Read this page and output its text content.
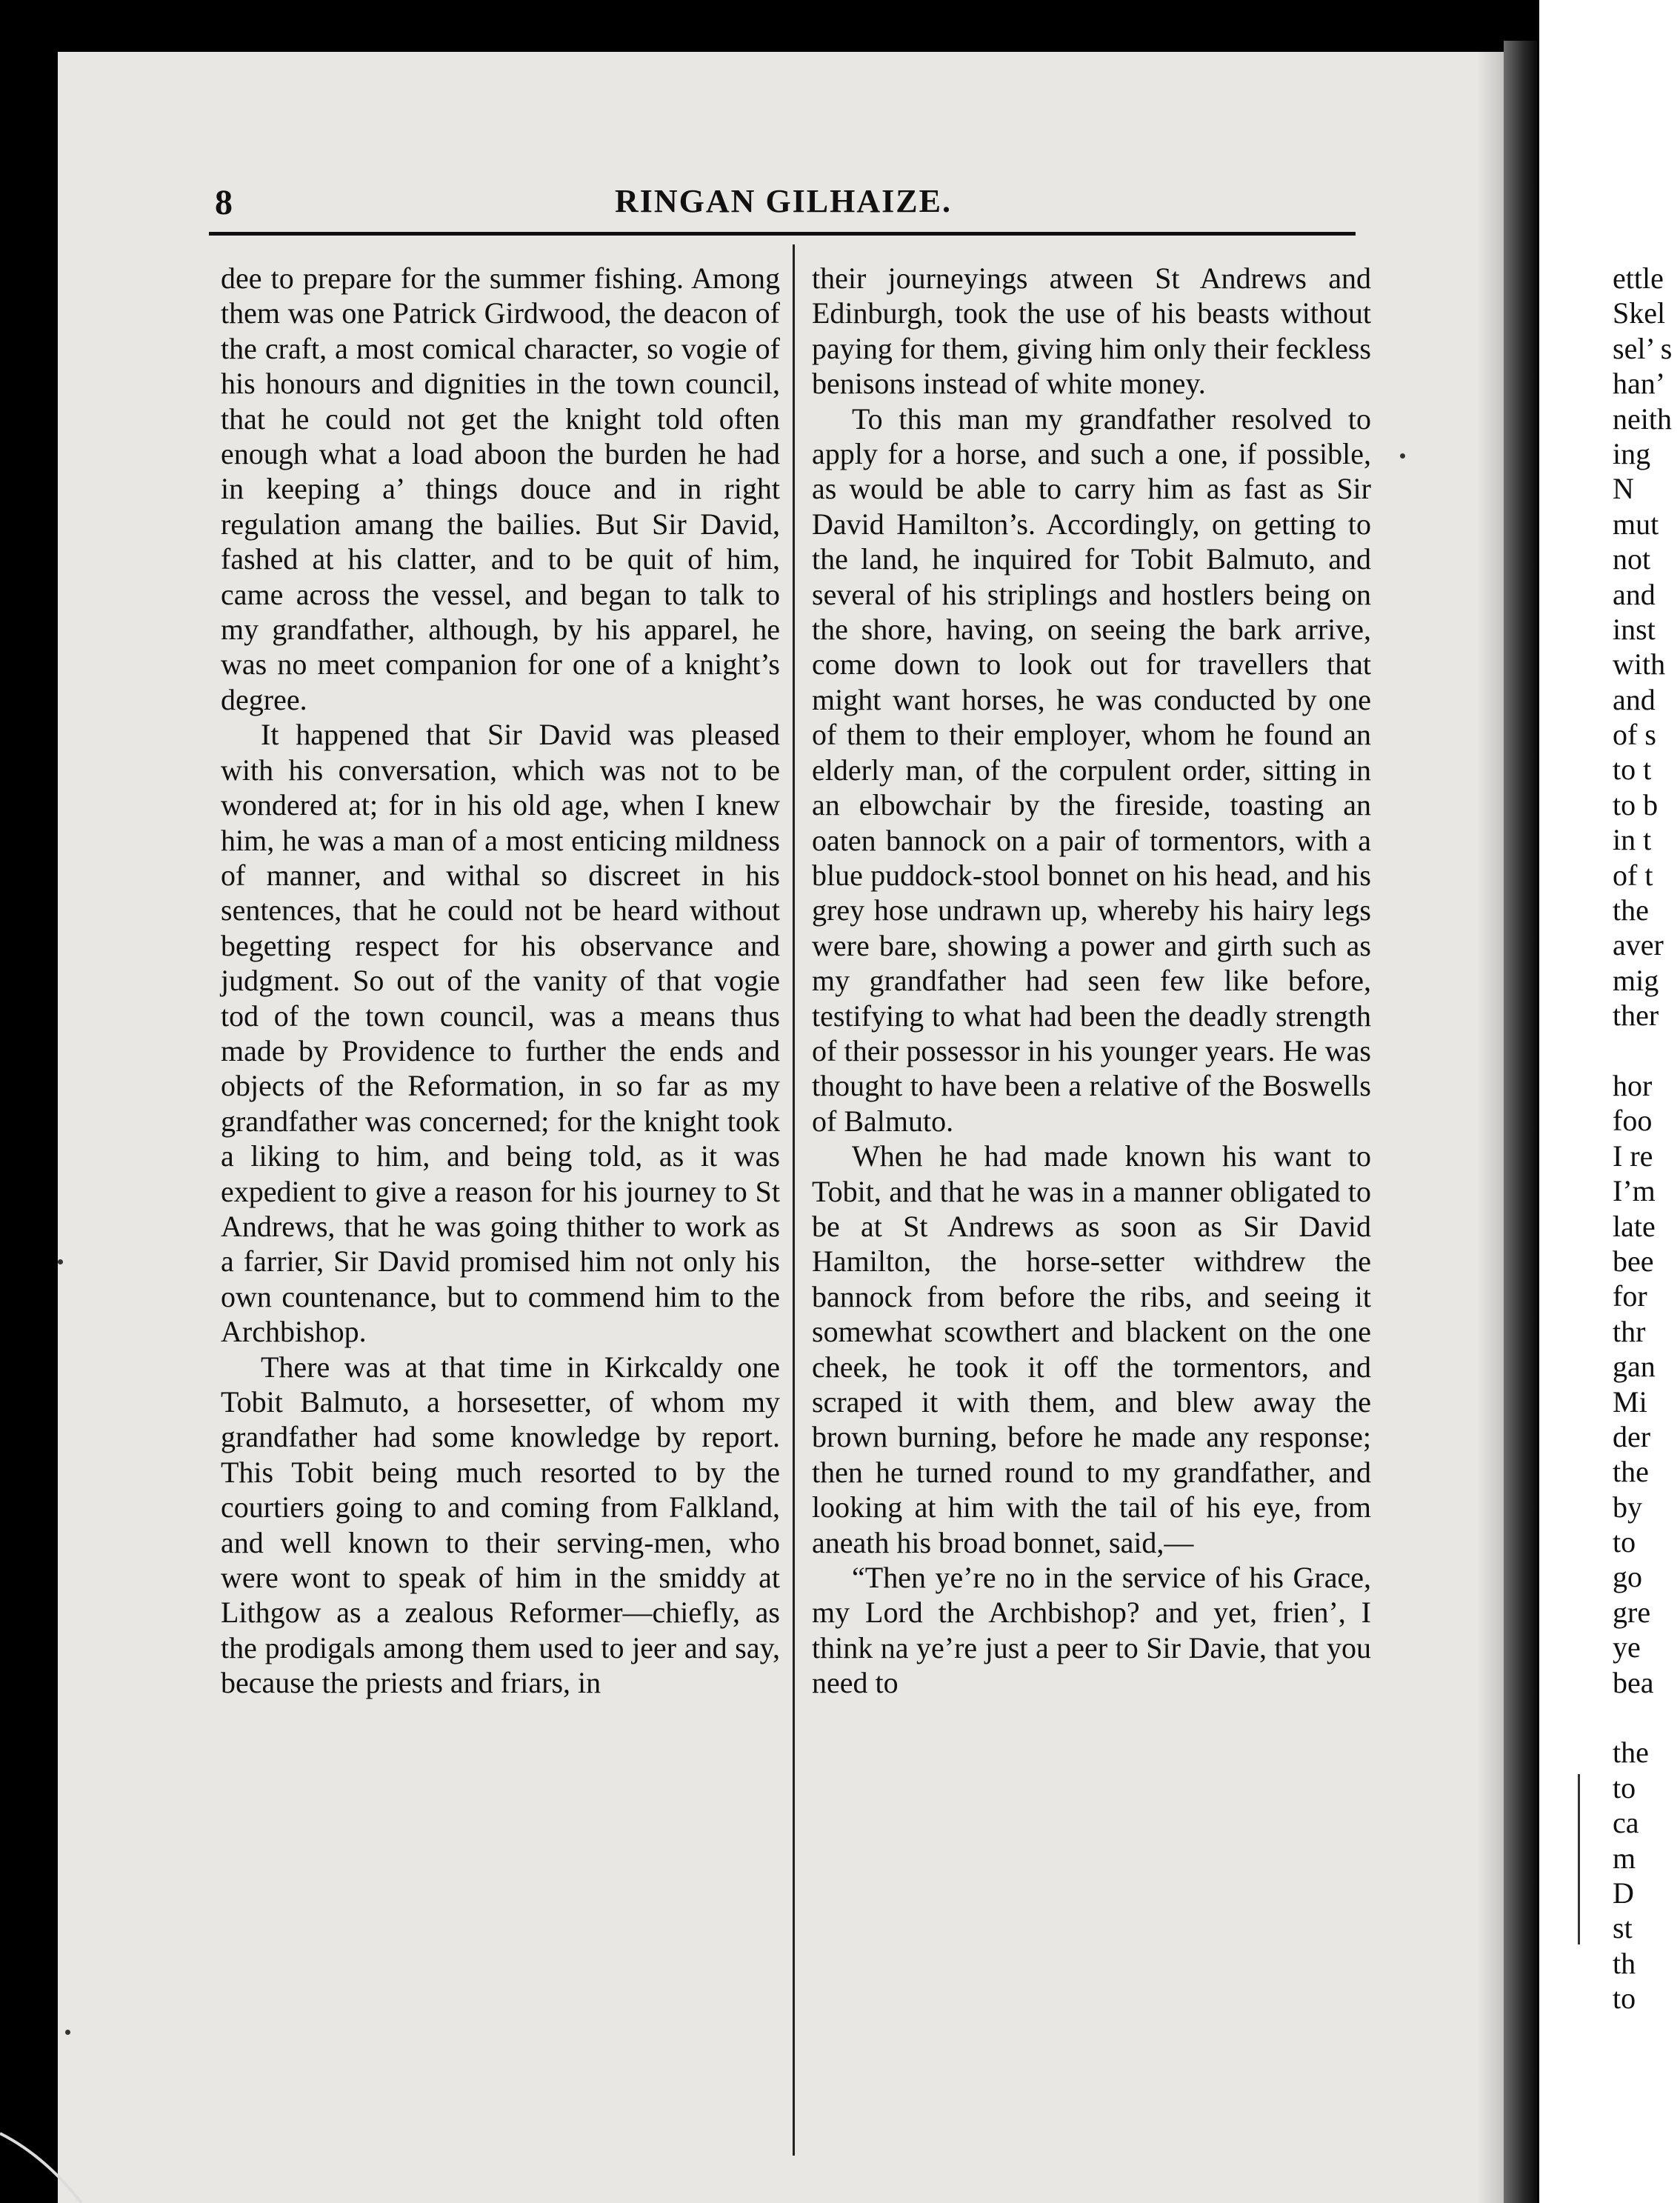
ettle
Skel
sel’ s
han’
neith
ing
N
mut
not
and
inst
with
and
of s
to t
to b
in t
of t
the
aver
mig
ther
hor
foo
I re
I’m
late
bee
for
thr
gan
Mi
der
the
by
to
go
gre
ye
bea
the
to
ca
m
D
st
th
to
8	RINGAN GILHAIZE.

dee to prepare for the summer fishing. Among them was one Patrick Girdwood, the deacon of the craft, a most comical character, so vogie of his honours and dignities in the town council, that he could not get the knight told often enough what a load aboon the burden he had in keeping a’ things douce and in right regulation amang the bailies. But Sir David, fashed at his clatter, and to be quit of him, came across the vessel, and began to talk to my grandfather, although, by his apparel, he was no meet companion for one of a knight’s degree.

It happened that Sir David was pleased with his conversation, which was not to be wondered at; for in his old age, when I knew him, he was a man of a most enticing mildness of manner, and withal so discreet in his sentences, that he could not be heard without begetting respect for his observance and judgment. So out of the vanity of that vogie tod of the town council, was a means thus made by Providence to further the ends and objects of the Reformation, in so far as my grandfather was concerned; for the knight took a liking to him, and being told, as it was expedient to give a reason for his journey to St Andrews, that he was going thither to work as a farrier, Sir David promised him not only his own countenance, but to commend him to the Archbishop.

There was at that time in Kirkcaldy one Tobit Balmuto, a horsesetter, of whom my grandfather had some knowledge by report. This Tobit being much resorted to by the courtiers going to and coming from Falkland, and well known to their serving-men, who were wont to speak of him in the smiddy at Lithgow as a zealous Reformer—chiefly, as the prodigals among them used to jeer and say, because the priests and friars, in

their journeyings atween St Andrews and Edinburgh, took the use of his beasts without paying for them, giving him only their feckless benisons instead of white money.

To this man my grandfather resolved to apply for a horse, and such a one, if possible, as would be able to carry him as fast as Sir David Hamilton’s. Accordingly, on getting to the land, he inquired for Tobit Balmuto, and several of his striplings and hostlers being on the shore, having, on seeing the bark arrive, come down to look out for travellers that might want horses, he was conducted by one of them to their employer, whom he found an elderly man, of the corpulent order, sitting in an elbowchair by the fireside, toasting an oaten bannock on a pair of tormentors, with a blue puddock-stool bonnet on his head, and his grey hose undrawn up, whereby his hairy legs were bare, showing a power and girth such as my grandfather had seen few like before, testifying to what had been the deadly strength of their possessor in his younger years. He was thought to have been a relative of the Boswells of Balmuto.

When he had made known his want to Tobit, and that he was in a manner obligated to be at St Andrews as soon as Sir David Hamilton, the horse-setter withdrew the bannock from before the ribs, and seeing it somewhat scowthert and blackent on the one cheek, he took it off the tormentors, and scraped it with them, and blew away the brown burning, before he made any response; then he turned round to my grandfather, and looking at him with the tail of his eye, from aneath his broad bonnet, said,—

“Then ye’re no in the service of his Grace, my Lord the Archbishop? and yet, frien’, I think na ye’re just a peer to Sir Davie, that you need to
